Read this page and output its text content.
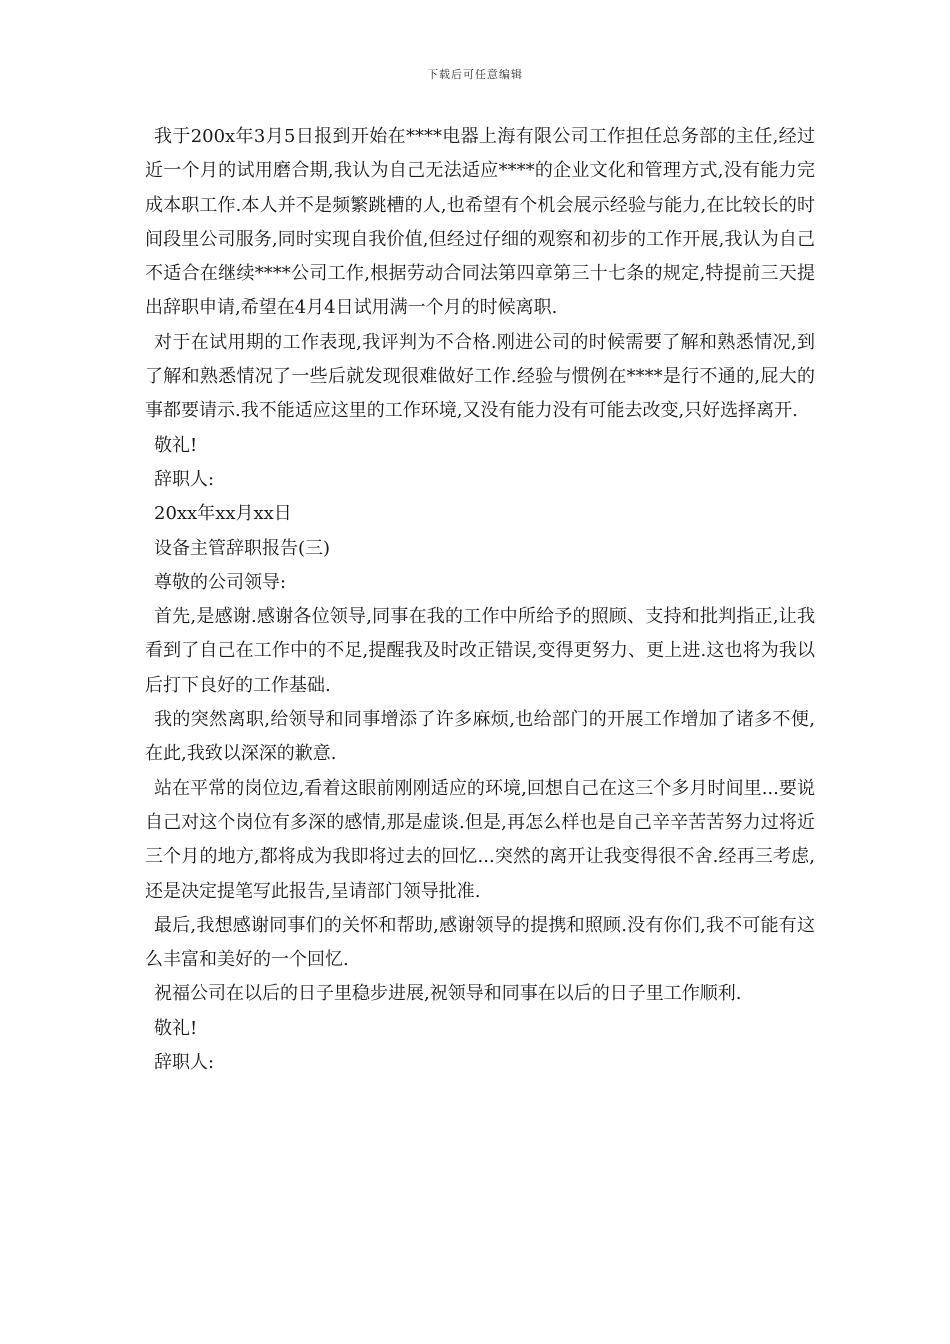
下载后可任意编辑

我于200x年3月5日报到开始在****电器上海有限公司工作担任总务部的主任,经过近一个月的试用磨合期,我认为自己无法适应****的企业文化和管理方式,没有能力完成本职工作.本人并不是频繁跳槽的人,也希望有个机会展示经验与能力,在比较长的时间段里公司服务,同时实现自我价值,但经过仔细的观察和初步的工作开展,我认为自己不适合在继续****公司工作,根据劳动合同法第四章第三十七条的规定,特提前三天提出辞职申请,希望在4月4日试用满一个月的时候离职.

对于在试用期的工作表现,我评判为不合格.刚进公司的时候需要了解和熟悉情况,到了解和熟悉情况了一些后就发现很难做好工作.经验与惯例在****是行不通的,屁大的事都要请示.我不能适应这里的工作环境,又没有能力没有可能去改变,只好选择离开.

敬礼!

辞职人:

20xx年xx月xx日

设备主管辞职报告(三)

尊敬的公司领导:

首先,是感谢.感谢各位领导,同事在我的工作中所给予的照顾、支持和批判指正,让我看到了自己在工作中的不足,提醒我及时改正错误,变得更努力、更上进.这也将为我以后打下良好的工作基础.

我的突然离职,给领导和同事增添了许多麻烦,也给部门的开展工作增加了诸多不便,在此,我致以深深的歉意.

站在平常的岗位边,看着这眼前刚刚适应的环境,回想自己在这三个多月时间里...要说自己对这个岗位有多深的感情,那是虚谈.但是,再怎么样也是自己辛辛苦苦努力过将近三个月的地方,都将成为我即将过去的回忆...突然的离开让我变得很不舍.经再三考虑,还是决定提笔写此报告,呈请部门领导批准.

最后,我想感谢同事们的关怀和帮助,感谢领导的提携和照顾.没有你们,我不可能有这么丰富和美好的一个回忆.

祝福公司在以后的日子里稳步进展,祝领导和同事在以后的日子里工作顺利.

敬礼!

辞职人:
